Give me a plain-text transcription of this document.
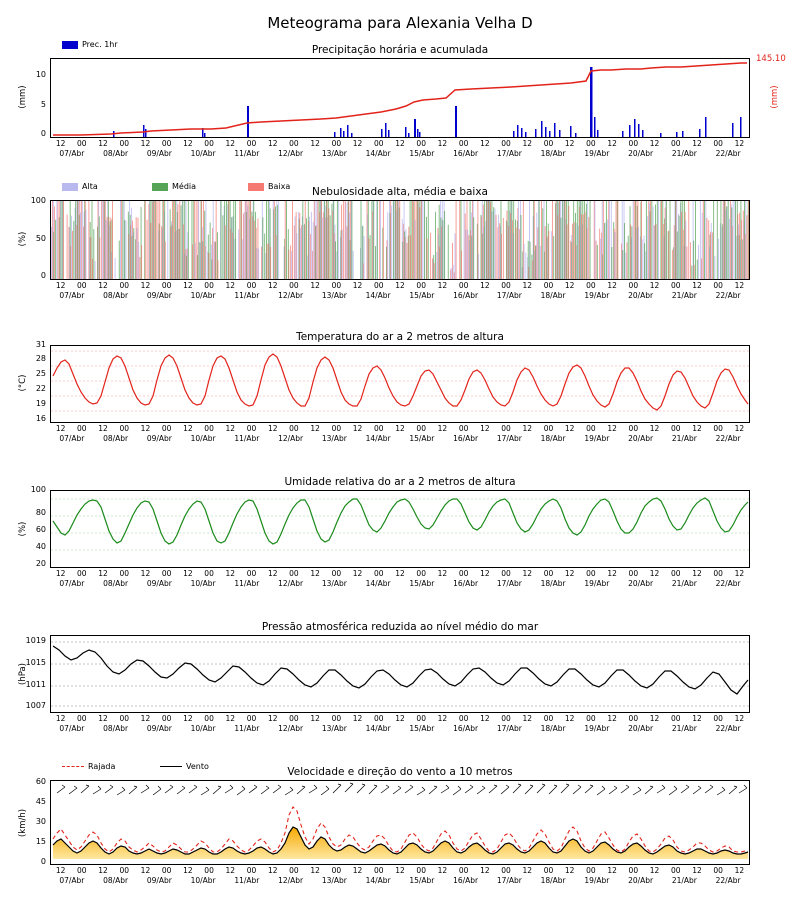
Meteograma para Alexania Velha D
Precipitação horária e acumulada
(mm)
0
5
10
145.10
(mm)
Prec. 1hr
Nebulosidade alta, média e baixa
(%)
0
50
100
Alta	Média	Baixa
Temperatura do ar a 2 metros de altura
(°C)
16
19
22
25
28
31
Umidade relativa do ar a 2 metros de altura
(%)
20
40
60
80
100
Pressão atmosférica reduzida ao nível médio do mar
(hPa)
1007
1011
1015
1019
Velocidade e direção do vento a 10 metros
(km/h)
0
15
30
45
60
Rajada	Vento
12	00	12	00	12	00	12	00	12	00	12	00	12	00	12	00	12	00	12	00	12	00	12	00	12	00	12	00	12	00	12	00	12
07/Abr	08/Abr	09/Abr	10/Abr	11/Abr	12/Abr	13/Abr	14/Abr	15/Abr	16/Abr	17/Abr	18/Abr	19/Abr	20/Abr	21/Abr	22/Abr
12	00	12	00	12	00	12	00	12	00	12	00	12	00	12	00	12	00	12	00	12	00	12	00	12	00	12	00	12	00	12	00	12
07/Abr	08/Abr	09/Abr	10/Abr	11/Abr	12/Abr	13/Abr	14/Abr	15/Abr	16/Abr	17/Abr	18/Abr	19/Abr	20/Abr	21/Abr	22/Abr
12	00	12	00	12	00	12	00	12	00	12	00	12	00	12	00	12	00	12	00	12	00	12	00	12	00	12	00	12	00	12	00	12
07/Abr	08/Abr	09/Abr	10/Abr	11/Abr	12/Abr	13/Abr	14/Abr	15/Abr	16/Abr	17/Abr	18/Abr	19/Abr	20/Abr	21/Abr	22/Abr
12	00	12	00	12	00	12	00	12	00	12	00	12	00	12	00	12	00	12	00	12	00	12	00	12	00	12	00	12	00	12	00	12
07/Abr	08/Abr	09/Abr	10/Abr	11/Abr	12/Abr	13/Abr	14/Abr	15/Abr	16/Abr	17/Abr	18/Abr	19/Abr	20/Abr	21/Abr	22/Abr
12	00	12	00	12	00	12	00	12	00	12	00	12	00	12	00	12	00	12	00	12	00	12	00	12	00	12	00	12	00	12	00	12
07/Abr	08/Abr	09/Abr	10/Abr	11/Abr	12/Abr	13/Abr	14/Abr	15/Abr	16/Abr	17/Abr	18/Abr	19/Abr	20/Abr	21/Abr	22/Abr
12	00	12	00	12	00	12	00	12	00	12	00	12	00	12	00	12	00	12	00	12	00	12	00	12	00	12	00	12	00	12	00	12
07/Abr	08/Abr	09/Abr	10/Abr	11/Abr	12/Abr	13/Abr	14/Abr	15/Abr	16/Abr	17/Abr	18/Abr	19/Abr	20/Abr	21/Abr	22/Abr
